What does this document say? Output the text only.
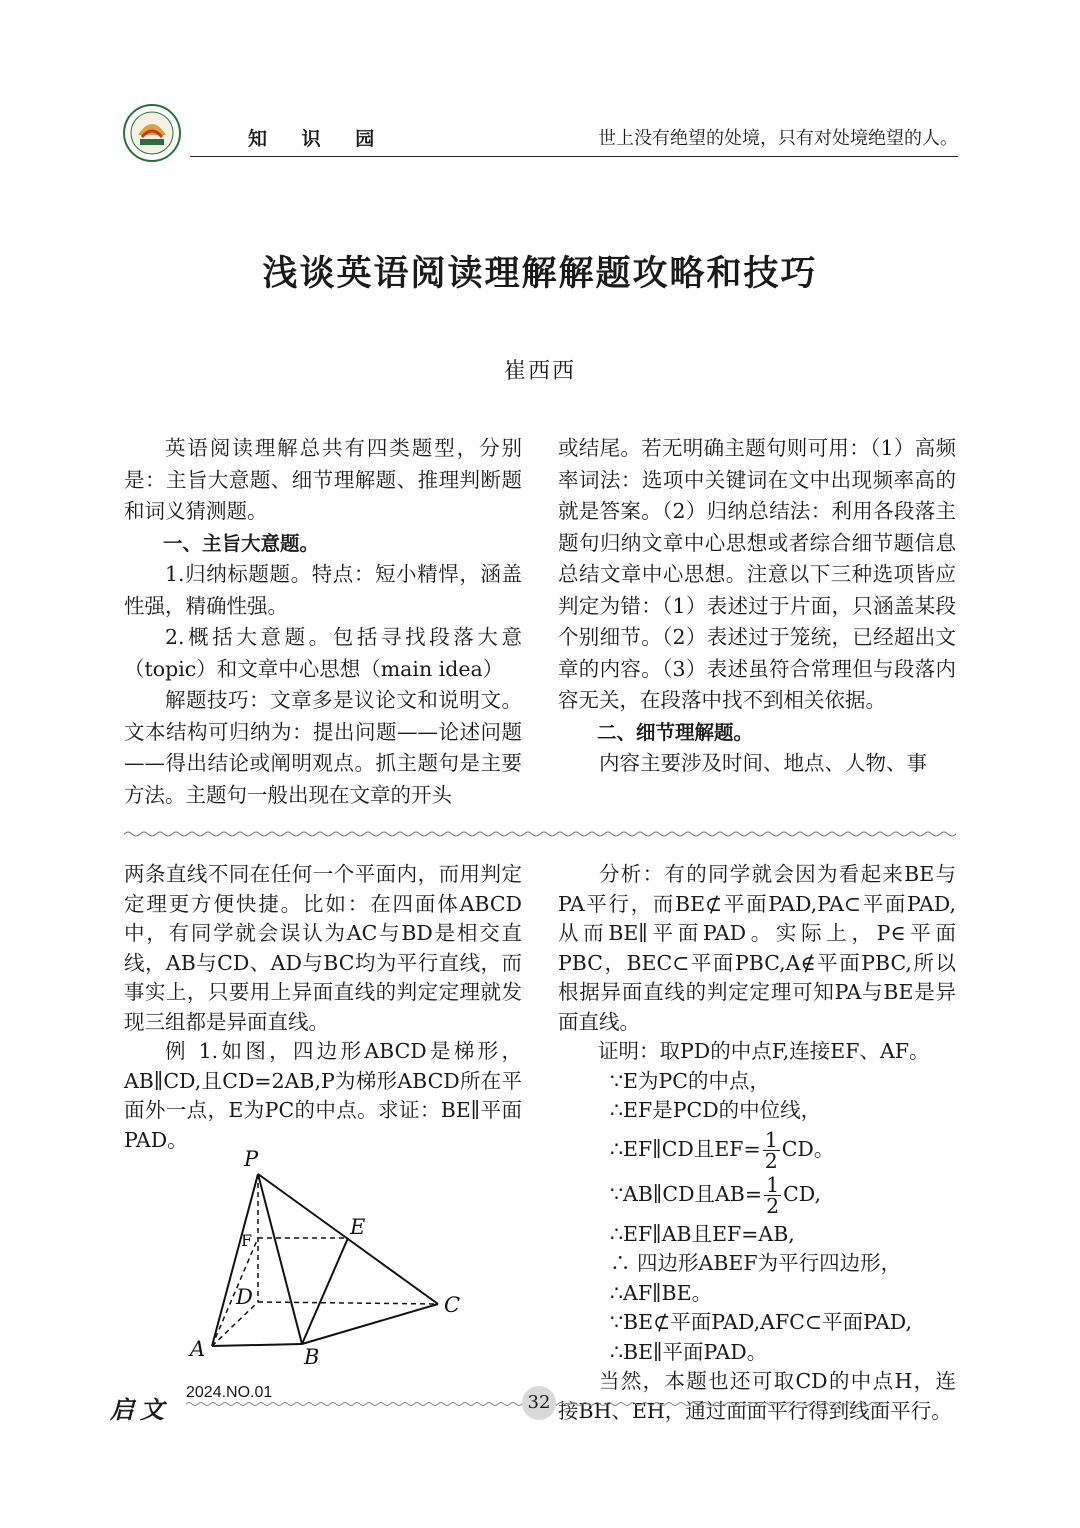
知 识 园	世上没有绝望的处境，只有对处境绝望的人。
浅谈英语阅读理解解题攻略和技巧
崔西西

英语阅读理解总共有四类题型，分别是：主旨大意题、细节理解题、推理判断题和词义猜测题。

一、主旨大意题。

1.归纳标题题。特点：短小精悍，涵盖性强，精确性强。

2.概括大意题。包括寻找段落大意（topic）和文章中心思想（main idea）

解题技巧：文章多是议论文和说明文。文本结构可归纳为：提出问题——论述问题——得出结论或阐明观点。抓主题句是主要方法。主题句一般出现在文章的开头

或结尾。若无明确主题句则可用：（1）高频率词法：选项中关键词在文中出现频率高的就是答案。（2）归纳总结法：利用各段落主题句归纳文章中心思想或者综合细节题信息总结文章中心思想。注意以下三种选项皆应判定为错：（1）表述过于片面，只涵盖某段个别细节。（2）表述过于笼统，已经超出文章的内容。（3）表述虽符合常理但与段落内容无关，在段落中找不到相关依据。

二、细节理解题。

内容主要涉及时间、地点、人物、事

两条直线不同在任何一个平面内，而用判定定理更方便快捷。比如：在四面体ABCD中，有同学就会误认为AC与BD是相交直线，AB与CD、AD与BC均为平行直线，而事实上，只要用上异面直线的判定定理就发现三组都是异面直线。

例 1.如图，四边形ABCD是梯形，AB∥CD,且CD=2AB,P为梯形ABCD所在平面外一点，E为PC的中点。求证：BE∥平面PAD。

P
E
F
D	C
A	B

分析：有的同学就会因为看起来BE与PA平行，而BE⊄平面PAD,PA⊂平面PAD,从而BE∥平面PAD。实际上，P∈平面PBC，BEC⊂平面PBC,A∉平面PBC,所以根据异面直线的判定定理可知PA与BE是异面直线。

证明：取PD的中点F,连接EF、AF。

∵E为PC的中点，

∴EF是PCD的中位线，

∴EF∥CD且$EF= \frac{1}{2}$ CD。

∵AB∥CD且$AB= \frac{1}{2}$ CD,

∴EF∥AB且EF=AB,

∴ 四边形ABEF为平行四边形，

∴AF∥BE。

∵BE⊄平面PAD,AFC⊂平面PAD,

∴BE∥平面PAD。

当然，本题也还可取CD的中点H，连接BH、EH，通过面面平行得到线面平行。

启文
2024.NO.01	32
